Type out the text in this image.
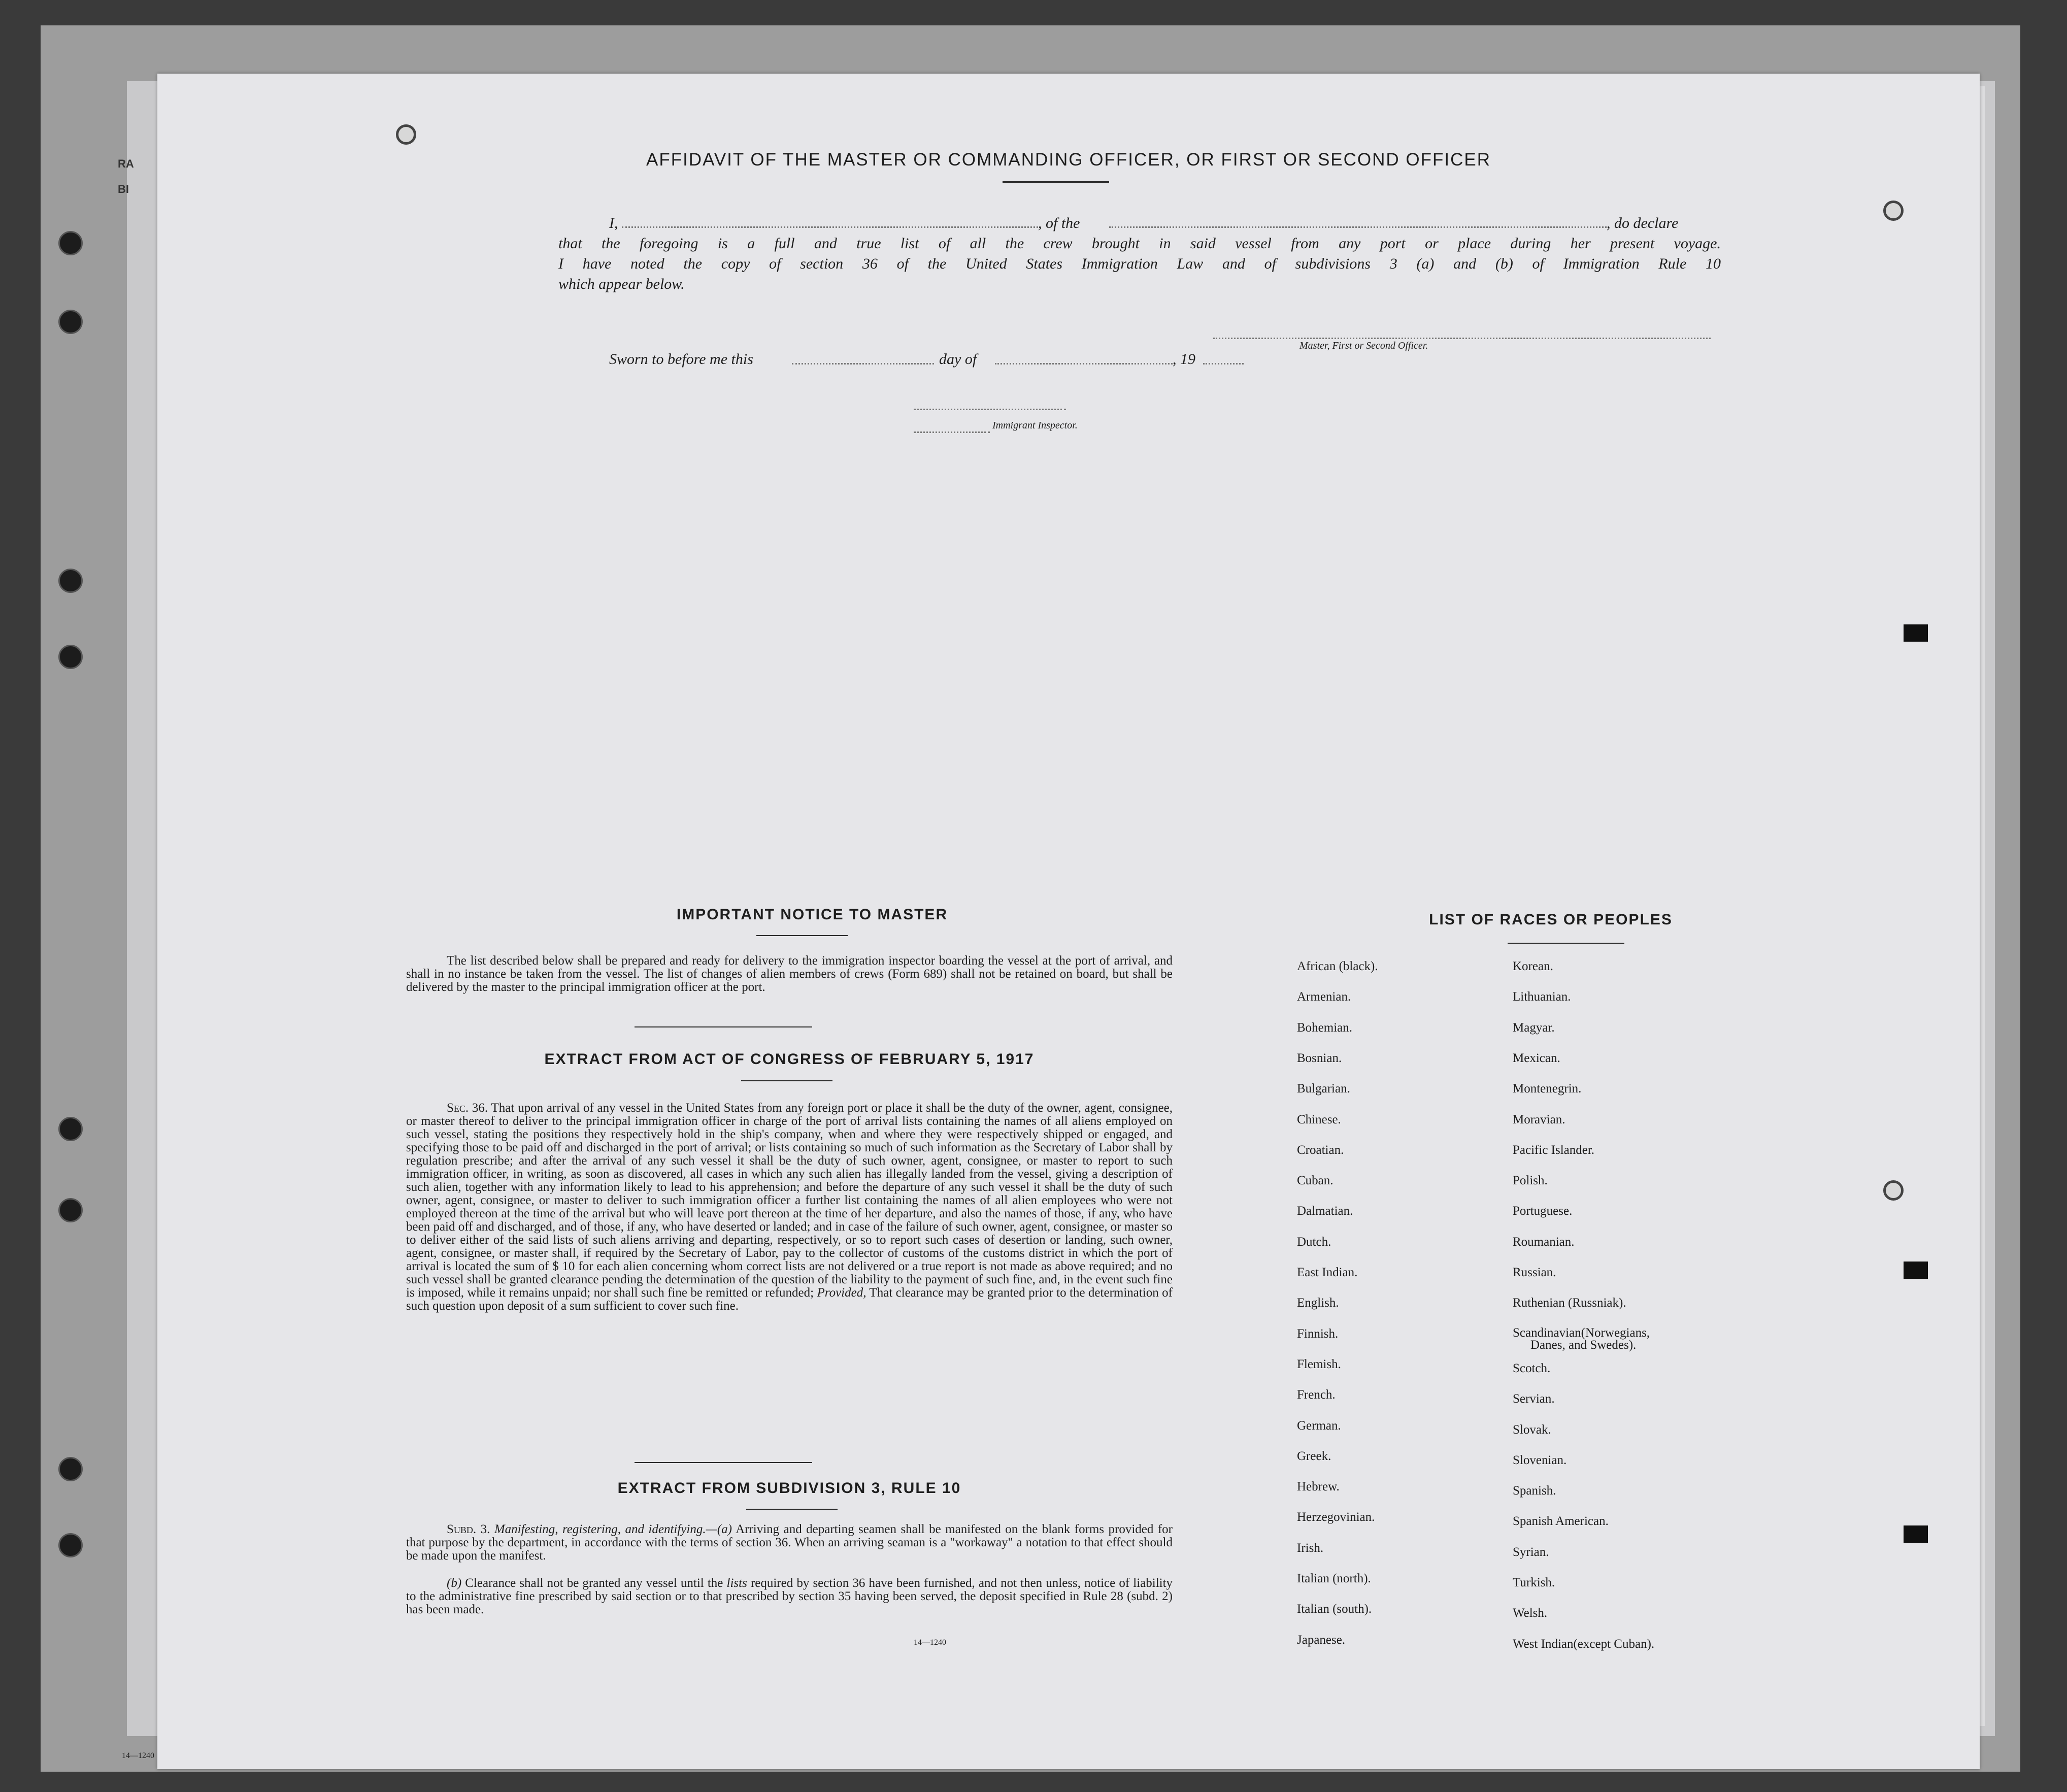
RA
BI
14—1240
AFFIDAVIT OF THE MASTER OR COMMANDING OFFICER, OR FIRST OR SECOND OFFICER
I,	, of the	, do declare
that the foregoing is a full and true list of all the crew brought in said vessel from any port or place during her present voyage.
I have noted the copy of section 36 of the United States Immigration Law and of subdivisions 3 (a) and (b) of Immigration Rule 10
which appear below.
Master, First or Second Officer.
Sworn to before me this	day of	, 19
Immigrant Inspector.
IMPORTANT NOTICE TO MASTER
The list described below shall be prepared and ready for delivery to the immigration inspector boarding the vessel at the port of arrival, and shall in no instance be taken from the vessel. The list of changes of alien members of crews (Form 689) shall not be retained on board, but shall be delivered by the master to the principal immigration officer at the port.
EXTRACT FROM ACT OF CONGRESS OF FEBRUARY 5, 1917
Sec. 36. That upon arrival of any vessel in the United States from any foreign port or place it shall be the duty of the owner, agent, consignee, or master thereof to deliver to the principal immigration officer in charge of the port of arrival lists containing the names of all aliens employed on such vessel, stating the positions they respectively hold in the ship's company, when and where they were respectively shipped or engaged, and specifying those to be paid off and discharged in the port of arrival; or lists containing so much of such information as the Secretary of Labor shall by regulation prescribe; and after the arrival of any such vessel it shall be the duty of such owner, agent, consignee, or master to report to such immigration officer, in writing, as soon as discovered, all cases in which any such alien has illegally landed from the vessel, giving a description of such alien, together with any information likely to lead to his apprehension; and before the departure of any such vessel it shall be the duty of such owner, agent, consignee, or master to deliver to such immigration officer a further list containing the names of all alien employees who were not employed thereon at the time of the arrival but who will leave port thereon at the time of her departure, and also the names of those, if any, who have been paid off and discharged, and of those, if any, who have deserted or landed; and in case of the failure of such owner, agent, consignee, or master so to deliver either of the said lists of such aliens arriving and departing, respectively, or so to report such cases of desertion or landing, such owner, agent, consignee, or master shall, if required by the Secretary of Labor, pay to the collector of customs of the customs district in which the port of arrival is located the sum of $ 10 for each alien concerning whom correct lists are not delivered or a true report is not made as above required; and no such vessel shall be granted clearance pending the determination of the question of the liability to the payment of such fine, and, in the event such fine is imposed, while it remains unpaid; nor shall such fine be remitted or refunded; Provided, That clearance may be granted prior to the determination of such question upon deposit of a sum sufficient to cover such fine.
EXTRACT FROM SUBDIVISION 3, RULE 10
Subd. 3. Manifesting, registering, and identifying.—(a) Arriving and departing seamen shall be manifested on the blank forms provided for that purpose by the department, in accordance with the terms of section 36. When an arriving seaman is a "workaway" a notation to that effect should be made upon the manifest.
(b) Clearance shall not be granted any vessel until the lists required by section 36 have been furnished, and not then unless, notice of liability to the administrative fine prescribed by said section or to that prescribed by section 35 having been served, the deposit specified in Rule 28 (subd. 2) has been made.
14—1240
LIST OF RACES OR PEOPLES
African (black).
Armenian.
Bohemian.
Bosnian.
Bulgarian.
Chinese.
Croatian.
Cuban.
Dalmatian.
Dutch.
East Indian.
English.
Finnish.
Flemish.
French.
German.
Greek.
Hebrew.
Herzegovinian.
Irish.
Italian (north).
Italian (south).
Japanese.
Korean.
Lithuanian.
Magyar.
Mexican.
Montenegrin.
Moravian.
Pacific Islander.
Polish.
Portuguese.
Roumanian.
Russian.
Ruthenian (Russniak).
Scandinavian(Norwegians,
Danes, and Swedes).
Scotch.
Servian.
Slovak.
Slovenian.
Spanish.
Spanish American.
Syrian.
Turkish.
Welsh.
West Indian(except Cuban).
